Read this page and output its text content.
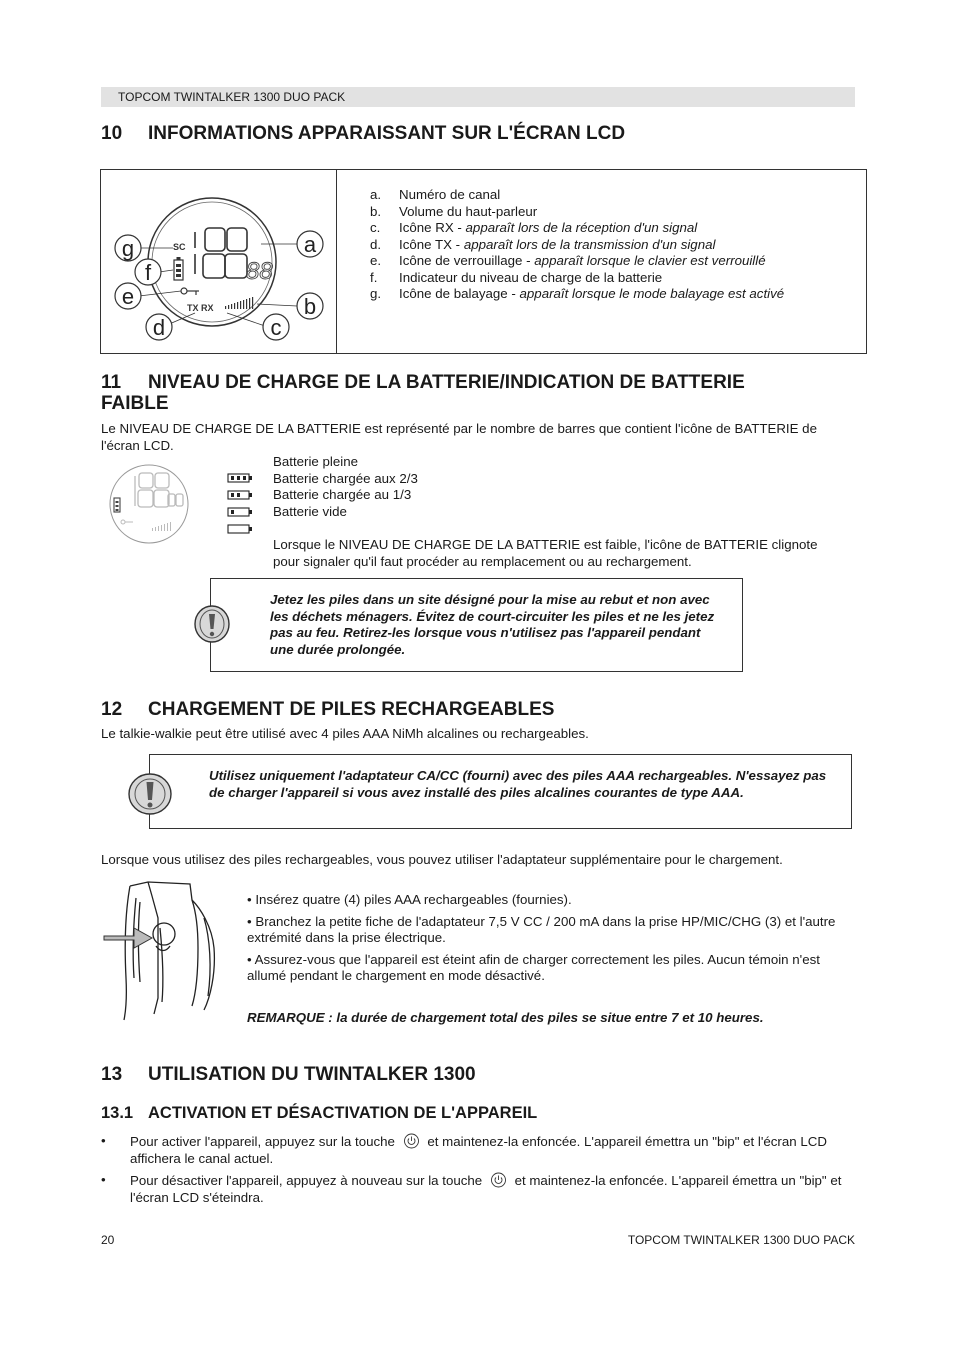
TOPCOM TWINTALKER 1300 DUO PACK
10 INFORMATIONS APPARAISSANT SUR L'ÉCRAN LCD
SC
88
TX RX
a
b
c
d
e
f
g
a.	Numéro de canal
b.	Volume du haut-parleur
c.	Icône RX -
apparaît lors de la réception d'un signal
d.	Icône TX -
apparaît lors de la transmission d'un signal
e.	Icône de verrouillage -
apparaît lorsque le clavier est verrouillé
f.	Indicateur du niveau de charge de la batterie
g.	Icône de balayage -
apparaît lorsque le mode balayage est activé
11 NIVEAU DE CHARGE DE LA BATTERIE/INDICATION DE BATTERIE
FAIBLE

Le NIVEAU DE CHARGE DE LA BATTERIE est représenté par le nombre de barres que contient l'icône de BATTERIE de l'écran LCD.

Batterie pleine
Batterie chargée aux 2/3
Batterie chargée au 1/3
Batterie vide

Lorsque le NIVEAU DE CHARGE DE LA BATTERIE est faible, l'icône de BATTERIE clignote pour signaler qu'il faut procéder au remplacement ou au rechargement.

Jetez les piles dans un site désigné pour la mise au rebut et non avec les déchets ménagers. Évitez de court-circuiter les piles et ne les jetez pas au feu. Retirez-les lorsque vous n'utilisez pas l'appareil pendant une durée prolongée.

12 CHARGEMENT DE PILES RECHARGEABLES

Le talkie-walkie peut être utilisé avec 4 piles AAA NiMh alcalines ou rechargeables.

Utilisez uniquement l'adaptateur CA/CC (fourni) avec des piles AAA rechargeables. N'essayez pas de charger l'appareil si vous avez installé des piles alcalines courantes de type AAA.

Lorsque vous utilisez des piles rechargeables, vous pouvez utiliser l'adaptateur supplémentaire pour le chargement.

• Insérez quatre (4) piles AAA rechargeables (fournies).

• Branchez la petite fiche de l'adaptateur 7,5 V CC / 200 mA dans la prise HP/MIC/CHG (3) et l'autre extrémité dans la prise électrique.

• Assurez-vous que l'appareil est éteint afin de charger correctement les piles. Aucun témoin n'est allumé pendant le chargement en mode désactivé.

REMARQUE : la durée de chargement total des piles se situe entre 7 et 10 heures.

13 UTILISATION DU TWINTALKER 1300
13.1 ACTIVATION ET DÉSACTIVATION DE L'APPAREIL
•	Pour activer l'appareil, appuyez sur la touche  et maintenez-la enfoncée. L'appareil émettra un "bip" et l'écran LCD affichera le canal actuel.
•	Pour désactiver l'appareil, appuyez à nouveau sur la touche  et maintenez-la enfoncée. L'appareil émettra un "bip" et l'écran LCD s'éteindra.
20	TOPCOM TWINTALKER 1300 DUO PACK
